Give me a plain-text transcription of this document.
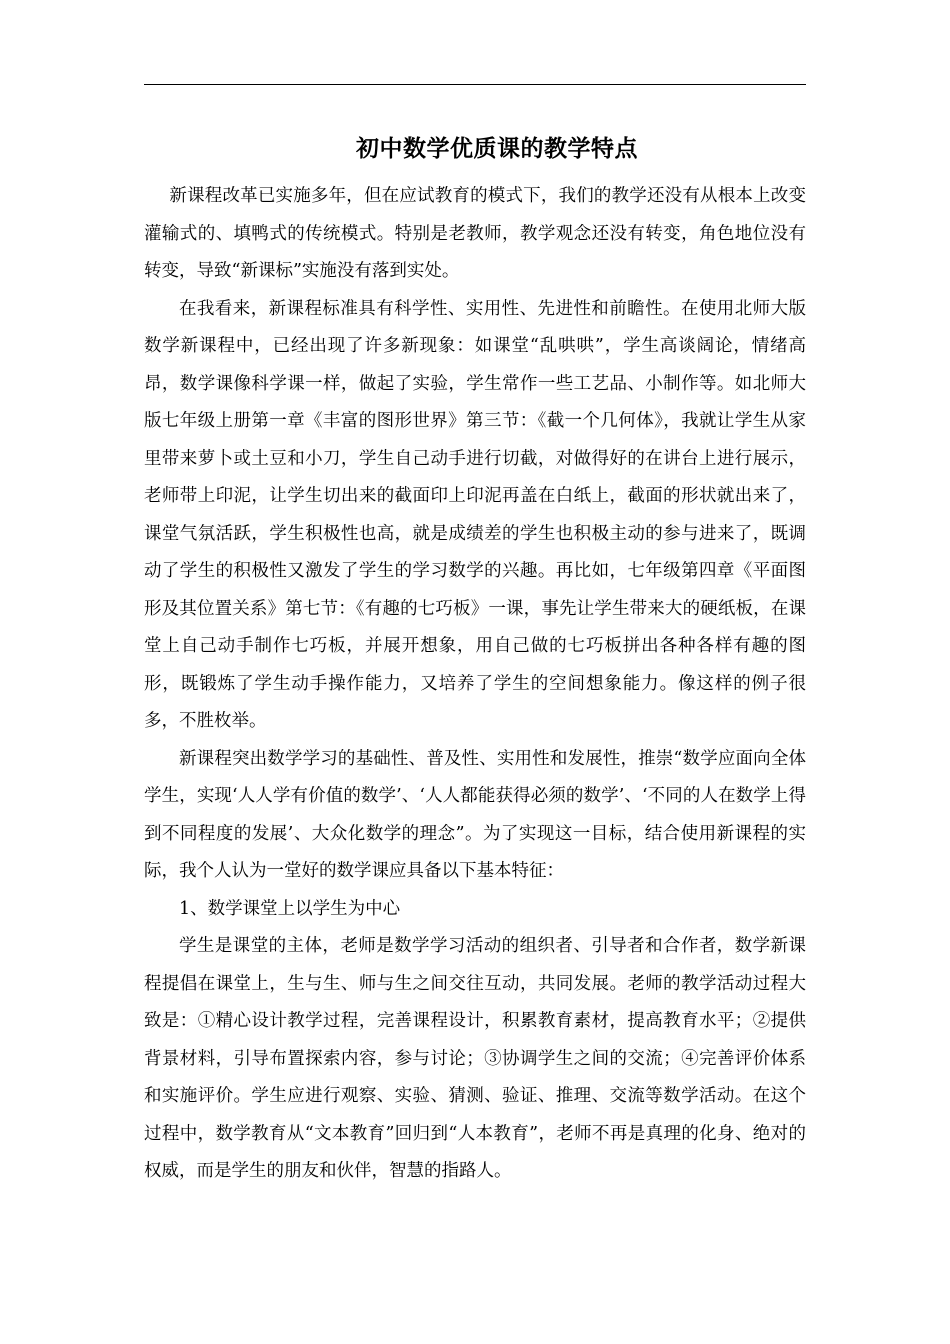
初中数学优质课的教学特点

新课程改革已实施多年，但在应试教育的模式下，我们的教学还没有从根本上改变灌输式的、填鸭式的传统模式。特别是老教师，教学观念还没有转变，角色地位没有转变，导致“新课标”实施没有落到实处。

在我看来，新课程标准具有科学性、实用性、先进性和前瞻性。在使用北师大版数学新课程中，已经出现了许多新现象：如课堂“乱哄哄”，学生高谈阔论，情绪高昂，数学课像科学课一样，做起了实验，学生常作一些工艺品、小制作等。如北师大版七年级上册第一章《丰富的图形世界》第三节：《截一个几何体》，我就让学生从家里带来萝卜或土豆和小刀，学生自己动手进行切截，对做得好的在讲台上进行展示，老师带上印泥，让学生切出来的截面印上印泥再盖在白纸上，截面的形状就出来了，课堂气氛活跃，学生积极性也高，就是成绩差的学生也积极主动的参与进来了，既调动了学生的积极性又激发了学生的学习数学的兴趣。再比如，七年级第四章《平面图形及其位置关系》第七节：《有趣的七巧板》一课，事先让学生带来大的硬纸板，在课堂上自己动手制作七巧板，并展开想象，用自己做的七巧板拼出各种各样有趣的图形，既锻炼了学生动手操作能力，又培养了学生的空间想象能力。像这样的例子很多，不胜枚举。

新课程突出数学学习的基础性、普及性、实用性和发展性，推崇“数学应面向全体学生，实现‘人人学有价值的数学’、‘人人都能获得必须的数学’、‘不同的人在数学上得到不同程度的发展’、大众化数学的理念”。为了实现这一目标，结合使用新课程的实际，我个人认为一堂好的数学课应具备以下基本特征：

1、数学课堂上以学生为中心

学生是课堂的主体，老师是数学学习活动的组织者、引导者和合作者，数学新课程提倡在课堂上，生与生、师与生之间交往互动，共同发展。老师的教学活动过程大致是：①精心设计教学过程，完善课程设计，积累教育素材，提高教育水平；②提供背景材料，引导布置探索内容，参与讨论；③协调学生之间的交流；④完善评价体系和实施评价。学生应进行观察、实验、猜测、验证、推理、交流等数学活动。在这个过程中，数学教育从“文本教育”回归到“人本教育”，老师不再是真理的化身、绝对的权威，而是学生的朋友和伙伴，智慧的指路人。
